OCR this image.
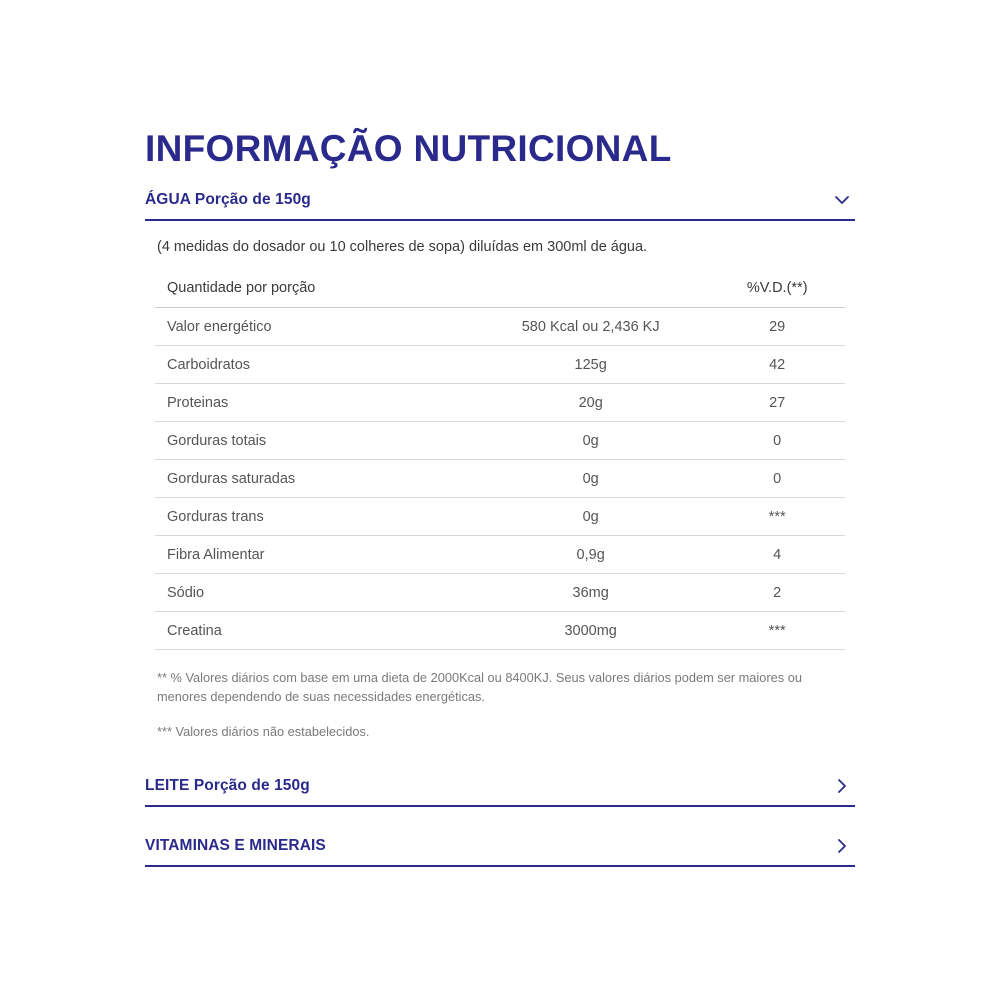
INFORMAÇÃO NUTRICIONAL
ÁGUA Porção de 150g
(4 medidas do dosador ou 10 colheres de sopa) diluídas em 300ml de água.
Quantidade por porção		%V.D.(**)
Valor energético	580 Kcal ou 2,436 KJ	29
Carboidratos	125g	42
Proteinas	20g	27
Gorduras totais	0g	0
Gorduras saturadas	0g	0
Gorduras trans	0g	***
Fibra Alimentar	0,9g	4
Sódio	36mg	2
Creatina	3000mg	***
** % Valores diários com base em uma dieta de 2000Kcal ou 8400KJ. Seus valores diários podem ser maiores ou menores dependendo de suas necessidades energéticas.
*** Valores diários não estabelecidos.
LEITE Porção de 150g
VITAMINAS E MINERAIS
